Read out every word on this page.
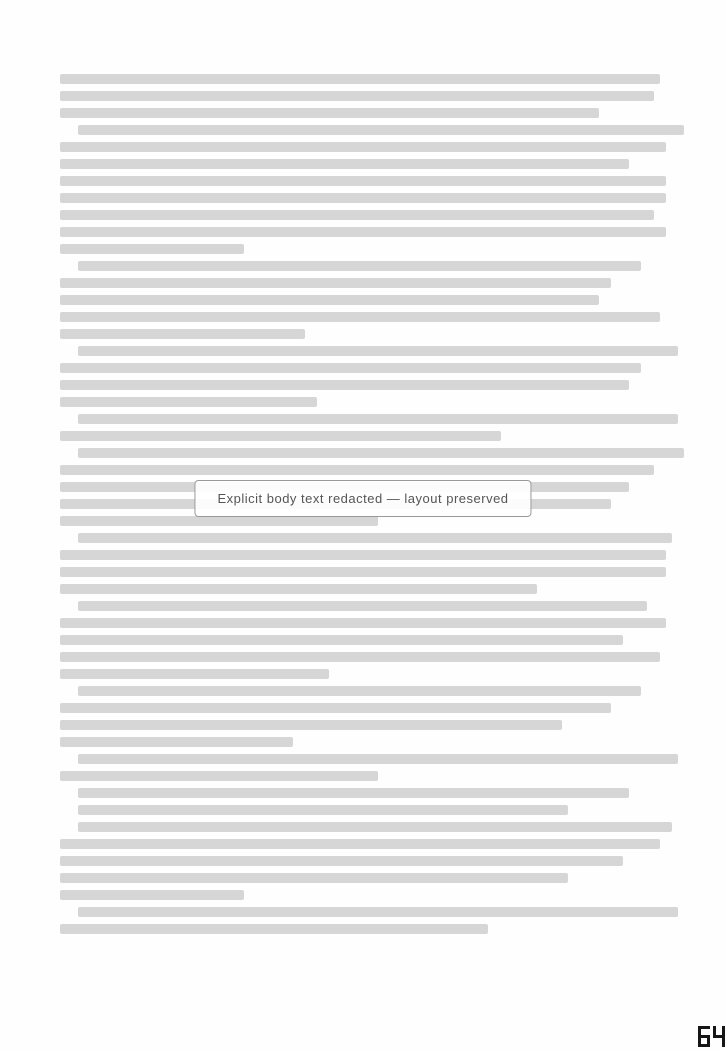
Explicit body text redacted — layout preserved
